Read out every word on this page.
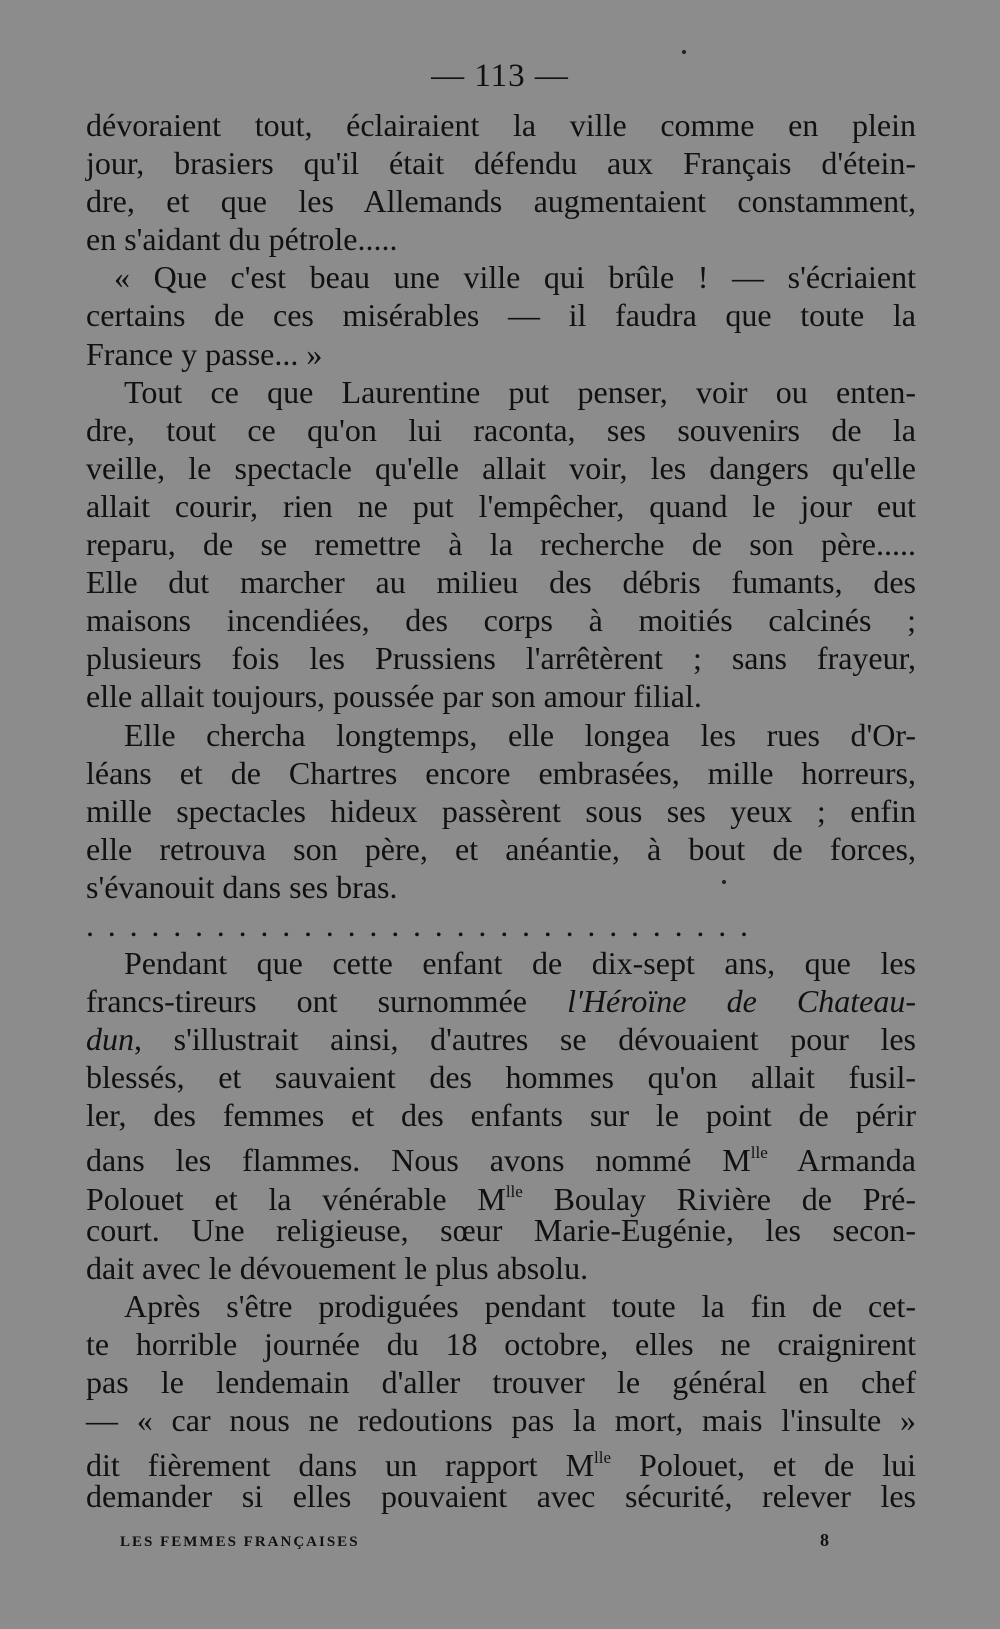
— 113 —
dévoraient tout, éclairaient la ville comme en plein
jour, brasiers qu'il était défendu aux Français d'étein-
dre, et que les Allemands augmentaient constamment,
en s'aidant du pétrole.....
« Que c'est beau une ville qui brûle ! — s'écriaient
certains de ces misérables — il faudra que toute la
France y passe... »
Tout ce que Laurentine put penser, voir ou enten-
dre, tout ce qu'on lui raconta, ses souvenirs de la
veille, le spectacle qu'elle allait voir, les dangers qu'elle
allait courir, rien ne put l'empêcher, quand le jour eut
reparu, de se remettre à la recherche de son père.....
Elle dut marcher au milieu des débris fumants, des
maisons incendiées, des corps à moitiés calcinés ;
plusieurs fois les Prussiens l'arrêtèrent ; sans frayeur,
elle allait toujours, poussée par son amour filial.
Elle chercha longtemps, elle longea les rues d'Or-
léans et de Chartres encore embrasées, mille horreurs,
mille spectacles hideux passèrent sous ses yeux ; enfin
elle retrouva son père, et anéantie, à bout de forces,
s'évanouit dans ses bras.
...............................
Pendant que cette enfant de dix-sept ans, que les
francs-tireurs ont surnommée l'Héroïne de Chateau-
dun, s'illustrait ainsi, d'autres se dévouaient pour les
blessés, et sauvaient des hommes qu'on allait fusil-
ler, des femmes et des enfants sur le point de périr
dans les flammes. Nous avons nommé $M^{lle}$ Armanda
Polouet et la vénérable $M^{lle}$ Boulay Rivière de Pré-
court. Une religieuse, sœur Marie-Eugénie, les secon-
dait avec le dévouement le plus absolu.
Après s'être prodiguées pendant toute la fin de cet-
te horrible journée du 18 octobre, elles ne craignirent
pas le lendemain d'aller trouver le général en chef
— « car nous ne redoutions pas la mort, mais l'insulte »
dit fièrement dans un rapport $M^{lle}$ Polouet, et de lui
demander si elles pouvaient avec sécurité, relever les
LES FEMMES FRANÇAISES	8
